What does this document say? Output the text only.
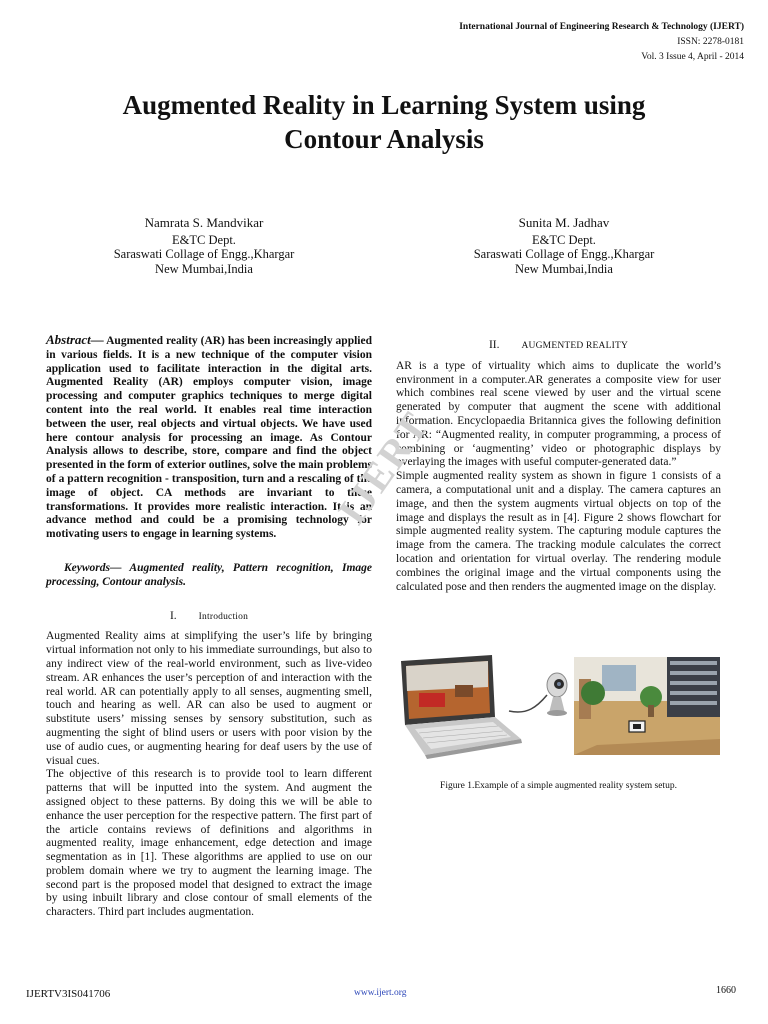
International Journal of Engineering Research & Technology (IJERT)
ISSN: 2278-0181
Vol. 3 Issue 4, April - 2014
Augmented Reality in Learning System using
Contour Analysis
Namrata S. Mandvikar
E&TC Dept.
Saraswati Collage of Engg.,Khargar
New Mumbai,India
Sunita M. Jadhav
E&TC Dept.
Saraswati Collage of Engg.,Khargar
New Mumbai,India

Abstract— Augmented reality (AR) has been increasingly applied in various fields. It is a new technique of the computer vision application used to facilitate interaction in the digital arts. Augmented Reality (AR) employs computer vision, image processing and computer graphics techniques to merge digital content into the real world. It enables real time interaction between the user, real objects and virtual objects. We have used here contour analysis for processing an image. As Contour Analysis allows to describe, store, compare and find the object presented in the form of exterior outlines, solve the main problems of a pattern recognition - transposition, turn and a rescaling of the image of object. CA methods are invariant to these transformations. It provides more realistic interaction. It is an advance method and could be a promising technology for motivating users to engage in learning systems.

Keywords— Augmented reality, Pattern recognition, Image processing, Contour analysis.

I. Introduction

Augmented Reality aims at simplifying the user’s life by bringing virtual information not only to his immediate surroundings, but also to any indirect view of the real-world environment, such as live-video stream. AR enhances the user’s perception of and interaction with the real world. AR can potentially apply to all senses, augmenting smell, touch and hearing as well. AR can also be used to augment or substitute users’ missing senses by sensory substitution, such as augmenting the sight of blind users or users with poor vision by the use of audio cues, or augmenting hearing for deaf users by the use of visual cues.

The objective of this research is to provide tool to learn different patterns that will be inputted into the system. And augment the assigned object to these patterns. By doing this we will be able to enhance the user perception for the respective pattern. The first part of the article contains reviews of definitions and algorithms in augmented reality, image enhancement, edge detection and image segmentation as in [1]. These algorithms are applied to use on our problem domain where we try to augment the learning image. The second part is the proposed model that designed to extract the image by using inbuilt library and close contour of small elements of the characters. Third part includes augmentation.

II. AUGMENTED REALITY

AR is a type of virtuality which aims to duplicate the world’s environment in a computer.AR generates a composite view for user which combines real scene viewed by user and the virtual scene generated by computer that augment the scene with additional information. Encyclopaedia Britannica gives the following definition for AR: “Augmented reality, in computer programming, a process of combining or ‘augmenting’ video or photographic displays by overlaying the images with useful computer-generated data.”

Simple augmented reality system as shown in figure 1 consists of a camera, a computational unit and a display. The camera captures an image, and then the system augments virtual objects on top of the image and displays the result as in [4]. Figure 2 shows flowchart for simple augmented reality system. The capturing module captures the image from the camera. The tracking module calculates the correct location and orientation for virtual overlay. The rendering module combines the original image and the virtual components using the calculated pose and then renders the augmented image on the display.

Figure 1.Example of a simple augmented reality system setup.
IJERT
IJERTV3IS041706	www.ijert.org	1660
